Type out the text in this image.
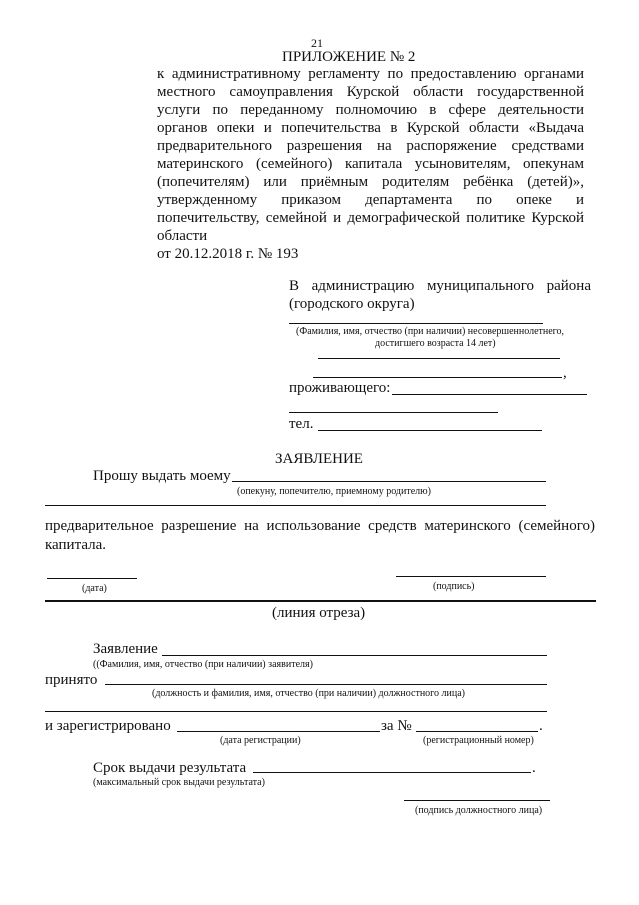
21
ПРИЛОЖЕНИЕ № 2
к административному регламенту по предоставлению органами
местного самоуправления Курской области государственной
услуги по переданному полномочию в сфере деятельности
органов опеки и попечительства в Курской области «Выдача
предварительного разрешения на распоряжение средствами
материнского (семейного) капитала усыновителям, опекунам
(попечителям) или приёмным родителям ребёнка (детей)»,
утвержденному приказом департамента по опеке и
попечительству, семейной и демографической политике Курской
области
от 20.12.2018 г. № 193
В администрацию муниципального района
(городского округа)
(Фамилия, имя, отчество (при наличии) несовершеннолетнего,
достигшего возраста 14 лет)
,
проживающего:
тел.
ЗАЯВЛЕНИЕ
Прошу выдать моему
(опекуну, попечителю, приемному родителю)
предварительное разрешение на использование средств материнского (семейного)
капитала.
(дата)	(подпись)
(линия отреза)
Заявление
((Фамилия, имя, отчество (при наличии) заявителя)
принято
(должность и фамилия, имя, отчество (при наличии) должностного лица)
и зарегистрировано	за №	.
(дата регистрации)	(регистрационный номер)
Срок выдачи результата	.
(максимальный срок выдачи результата)
(подпись должностного лица)
